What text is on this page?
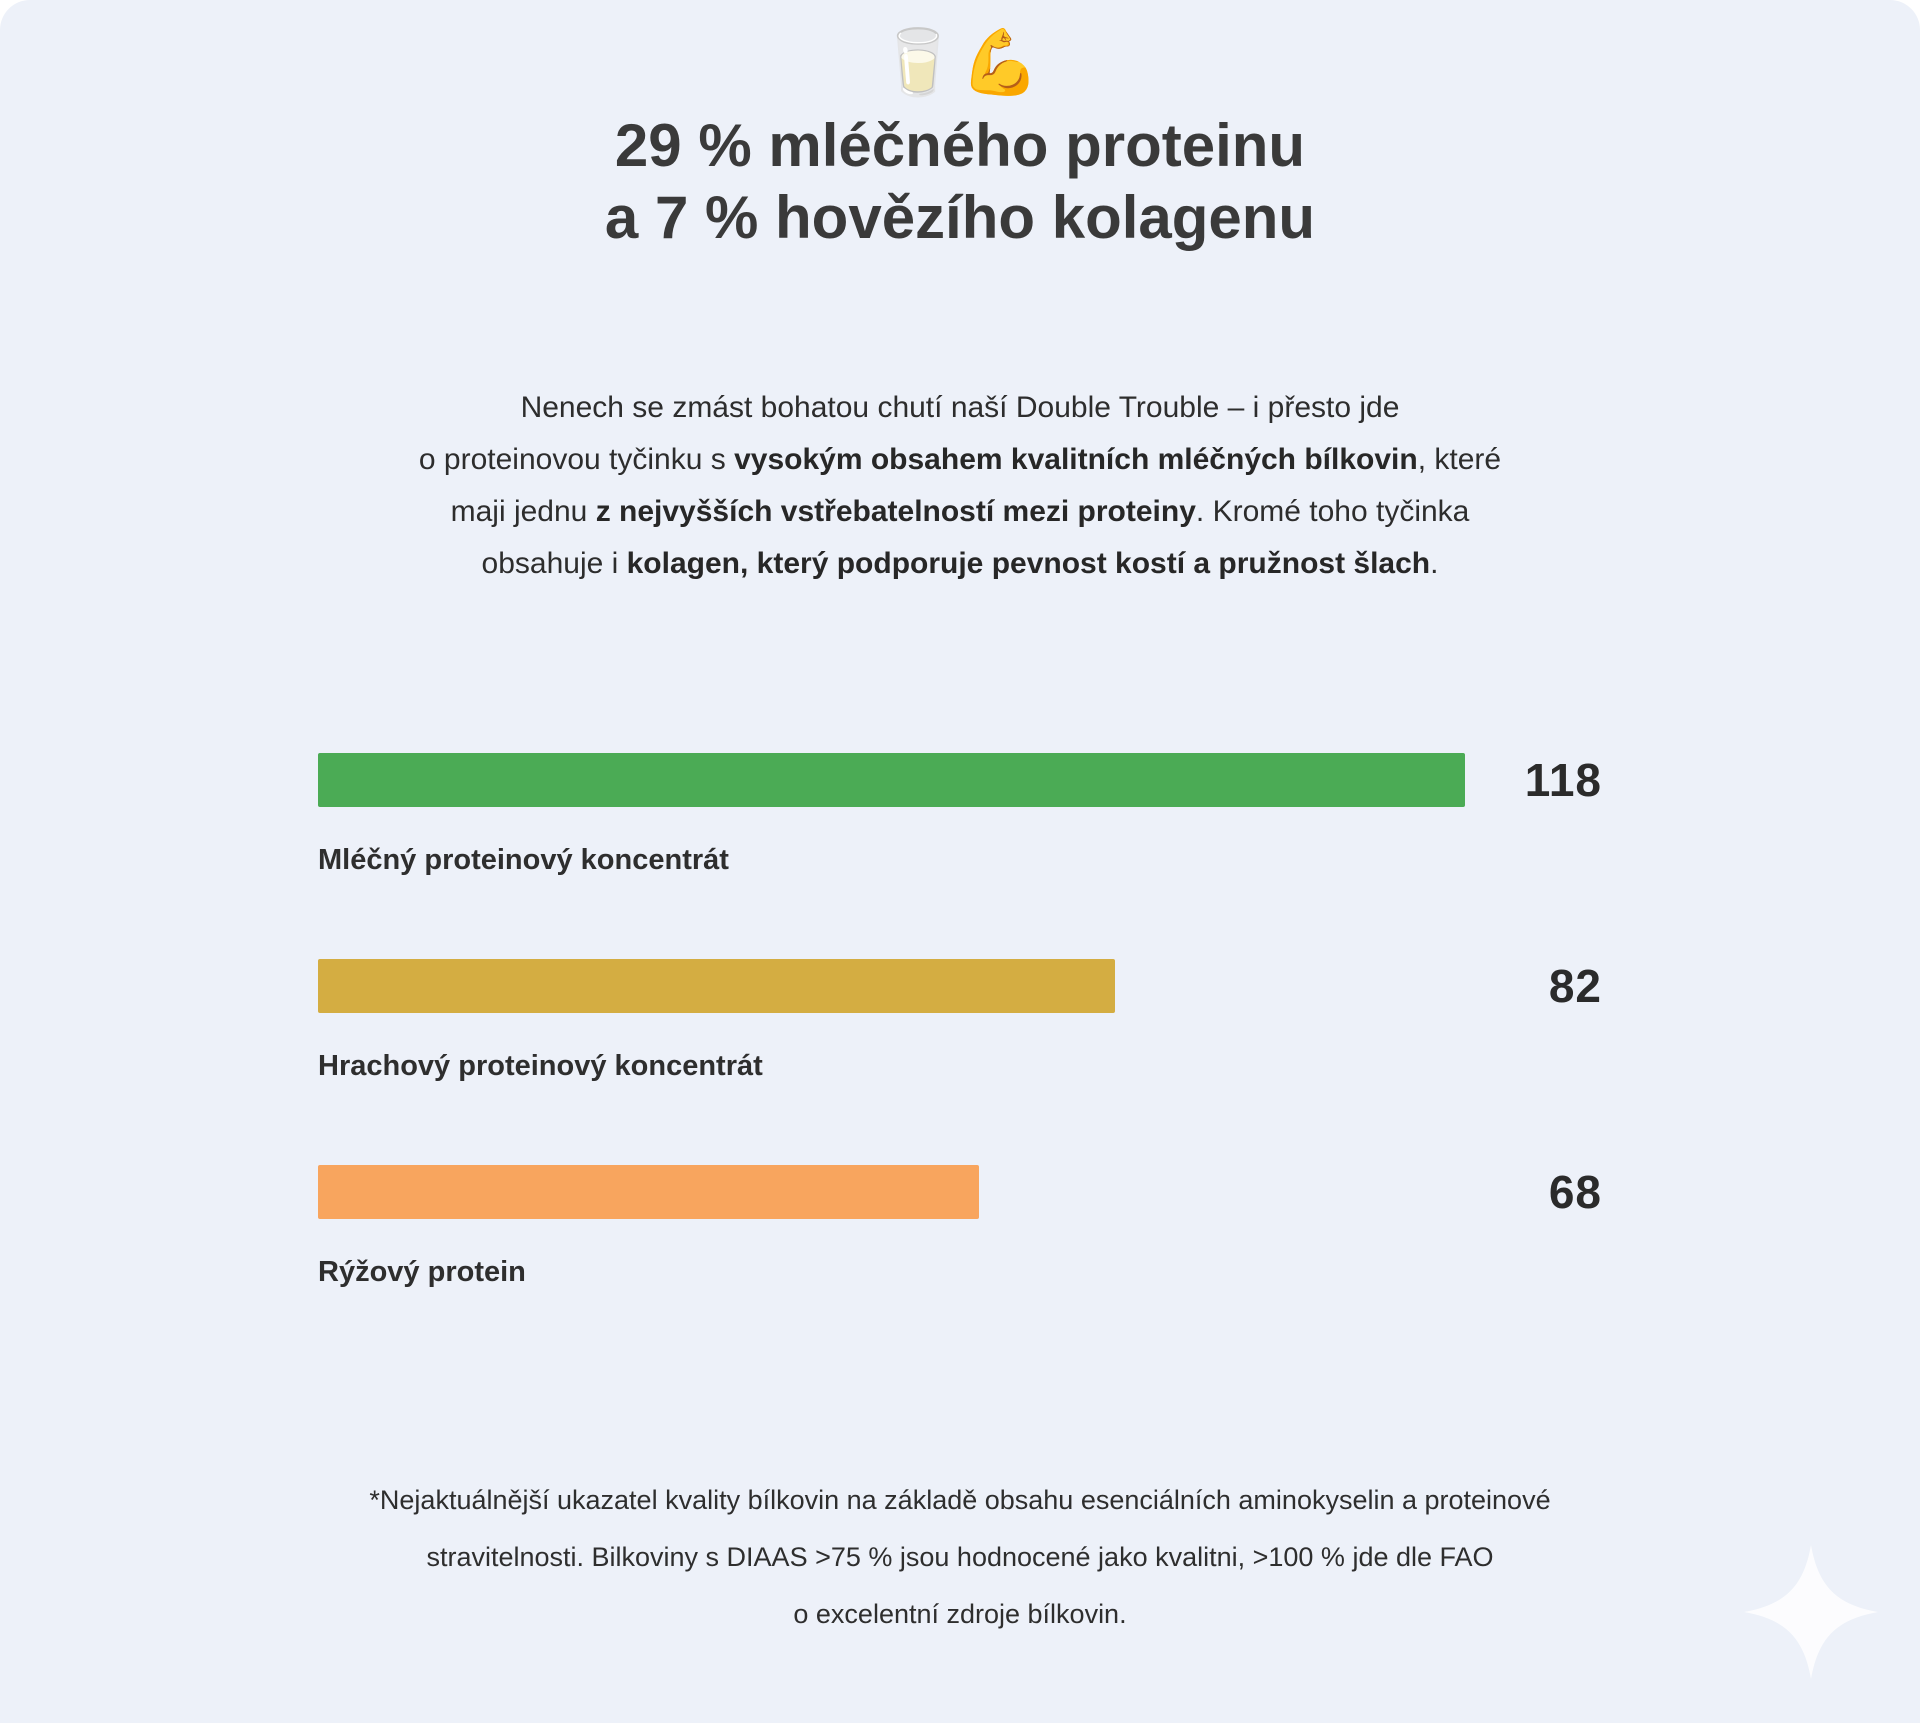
🥛💪
29 % mléčného proteinu
a 7 % hovězího kolagenu
Nenech se zmást bohatou chutí naší Double Trouble – i přesto jde
o proteinovou tyčinku s vysokým obsahem kvalitních mléčných bílkovin, které
maji jednu z nejvyšších vstřebatelností mezi proteiny. Kromé toho tyčinka
obsahuje i kolagen, který podporuje pevnost kostí a pružnost šlach.
118
Mléčný proteinový koncentrát
82
Hrachový proteinový koncentrát
68
Rýžový protein
*Nejaktuálnější ukazatel kvality bílkovin na základě obsahu esenciálních aminokyselin a proteinové
stravitelnosti. Bilkoviny s DIAAS >75 % jsou hodnocené jako kvalitni, >100 % jde dle FAO
o excelentní zdroje bílkovin.
